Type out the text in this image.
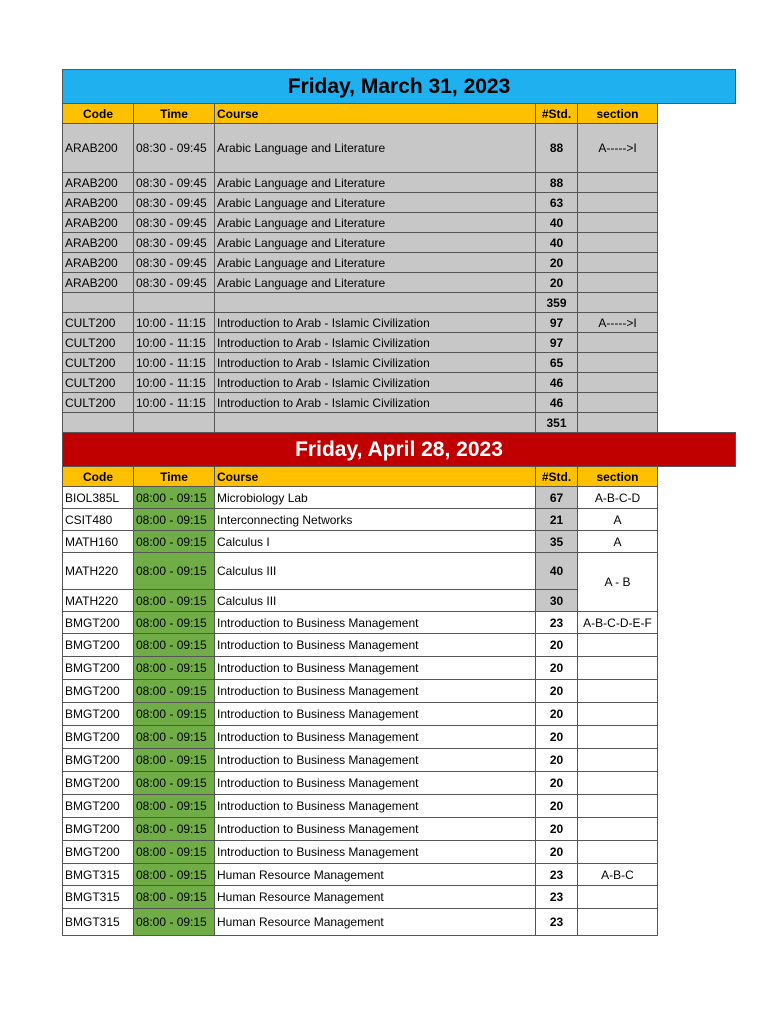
Friday, March 31, 2023					
Code	Time	Course	#Std.	section	
ARAB200	08:30 - 09:45	Arabic Language and Literature	88	A----->I	
ARAB200	08:30 - 09:45	Arabic Language and Literature	88		
ARAB200	08:30 - 09:45	Arabic Language and Literature	63		
ARAB200	08:30 - 09:45	Arabic Language and Literature	40		
ARAB200	08:30 - 09:45	Arabic Language and Literature	40		
ARAB200	08:30 - 09:45	Arabic Language and Literature	20		
ARAB200	08:30 - 09:45	Arabic Language and Literature	20		
			359		
CULT200	10:00 - 11:15	Introduction to Arab - Islamic Civilization	97	A----->I	
CULT200	10:00 - 11:15	Introduction to Arab - Islamic Civilization	97		
CULT200	10:00 - 11:15	Introduction to Arab - Islamic Civilization	65		
CULT200	10:00 - 11:15	Introduction to Arab - Islamic Civilization	46		
CULT200	10:00 - 11:15	Introduction to Arab - Islamic Civilization	46		
			351		
Friday, April 28, 2023					
Code	Time	Course	#Std.	section	
BIOL385L	08:00 - 09:15	Microbiology Lab	67	A-B-C-D	
CSIT480	08:00 - 09:15	Interconnecting Networks	21	A	
MATH160	08:00 - 09:15	Calculus I	35	A	
MATH220	08:00 - 09:15	Calculus III	40	A - B	
MATH220	08:00 - 09:15	Calculus III	30		
BMGT200	08:00 - 09:15	Introduction to Business Management	23	A-B-C-D-E-F	
BMGT200	08:00 - 09:15	Introduction to Business Management	20		
BMGT200	08:00 - 09:15	Introduction to Business Management	20		
BMGT200	08:00 - 09:15	Introduction to Business Management	20		
BMGT200	08:00 - 09:15	Introduction to Business Management	20		
BMGT200	08:00 - 09:15	Introduction to Business Management	20		
BMGT200	08:00 - 09:15	Introduction to Business Management	20		
BMGT200	08:00 - 09:15	Introduction to Business Management	20		
BMGT200	08:00 - 09:15	Introduction to Business Management	20		
BMGT200	08:00 - 09:15	Introduction to Business Management	20		
BMGT200	08:00 - 09:15	Introduction to Business Management	20		
BMGT315	08:00 - 09:15	Human Resource Management	23	A-B-C	
BMGT315	08:00 - 09:15	Human Resource Management	23		
BMGT315	08:00 - 09:15	Human Resource Management	23		
